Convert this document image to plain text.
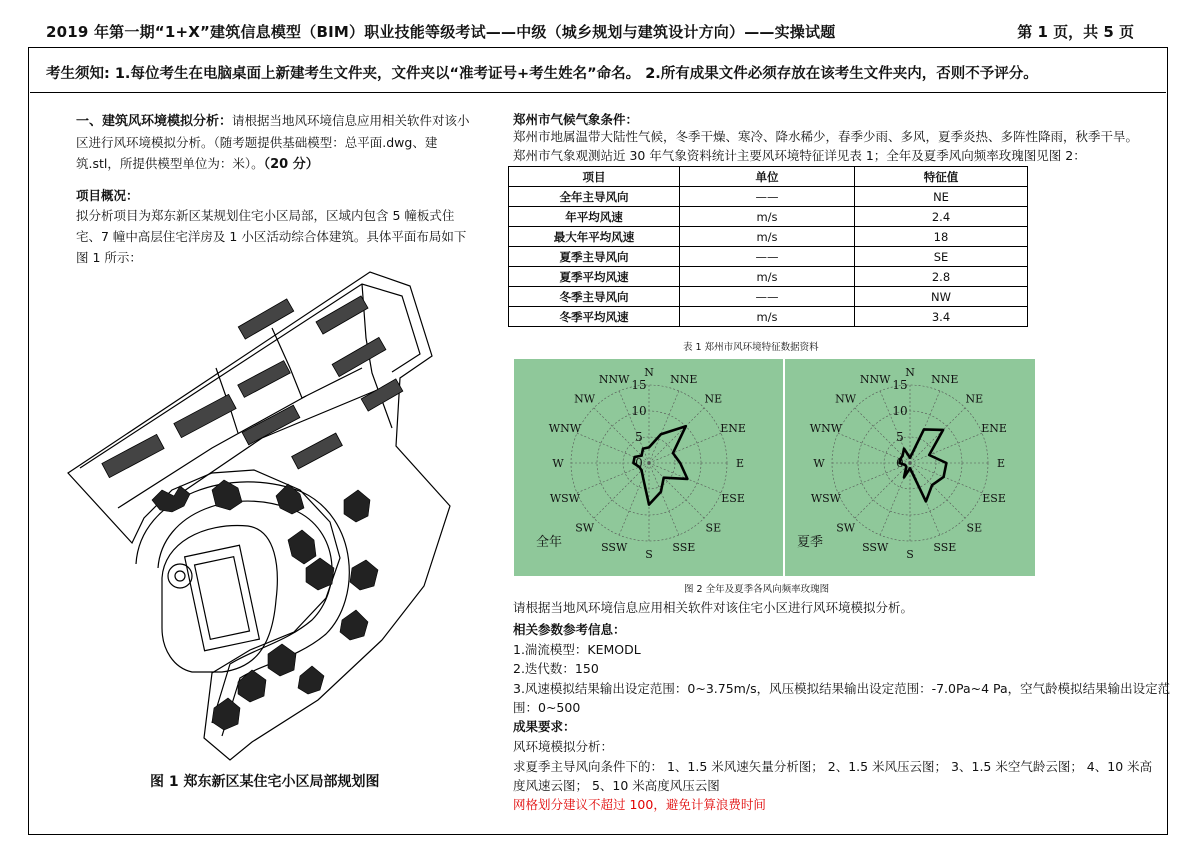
2019 年第一期“1+X”建筑信息模型（BIM）职业技能等级考试——中级（城乡规划与建筑设计方向）——实操试题	第 1 页，共 5 页
考生须知: 1.每位考生在电脑桌面上新建考生文件夹，文件夹以“准考证号+考生姓名”命名。 2.所有成果文件必须存放在该考生文件夹内，否则不予评分。
一、建筑风环境模拟分析：请根据当地风环境信息应用相关软件对该小区进行风环境模拟分析。（随考题提供基础模型：总平面.dwg、建筑.stl，所提供模型单位为：米）。（20 分）
项目概况：
拟分析项目为郑东新区某规划住宅小区局部，区域内包含 5 幢板式住宅、7 幢中高层住宅洋房及 1 小区活动综合体建筑。具体平面布局如下图 1 所示：
图 1 郑东新区某住宅小区局部规划图
郑州市气候气象条件：
郑州市地属温带大陆性气候，冬季干燥、寒冷、降水稀少，春季少雨、多风，夏季炎热、多阵性降雨，秋季干旱。
郑州市气象观测站近 30 年气象资料统计主要风环境特征详见表 1；全年及夏季风向频率玫瑰图见图 2：
项目	单位	特征值
全年主导风向	——	NE
年平均风速	m/s	2.4
最大年平均风速	m/s	18
夏季主导风向	——	SE
夏季平均风速	m/s	2.8
冬季主导风向	——	NW
冬季平均风速	m/s	3.4
表 1 郑州市风环境特征数据资料
N
NNE
NE
ENE
E
ESE
SE
SSE
S
SSW
SW
WSW
W
WNW
NW
NNW
0
5
10
15
全年
N
NNE
NE
ENE
E
ESE
SE
SSE
S
SSW
SW
WSW
W
WNW
NW
NNW
0
5
10
15
夏季
图 2 全年及夏季各风向频率玫瑰图
请根据当地风环境信息应用相关软件对该住宅小区进行风环境模拟分析。
相关参数参考信息：
1.湍流模型：KEMODL
2.迭代数：150
3.风速模拟结果输出设定范围：0~3.75m/s，风压模拟结果输出设定范围：-7.0Pa~4 Pa，空气龄模拟结果输出设定范
围：0~500
成果要求：
风环境模拟分析：
求夏季主导风向条件下的： 1、1.5 米风速矢量分析图； 2、1.5 米风压云图； 3、1.5 米空气龄云图； 4、10 米高
度风速云图； 5、10 米高度风压云图
网格划分建议不超过 100，避免计算浪费时间
